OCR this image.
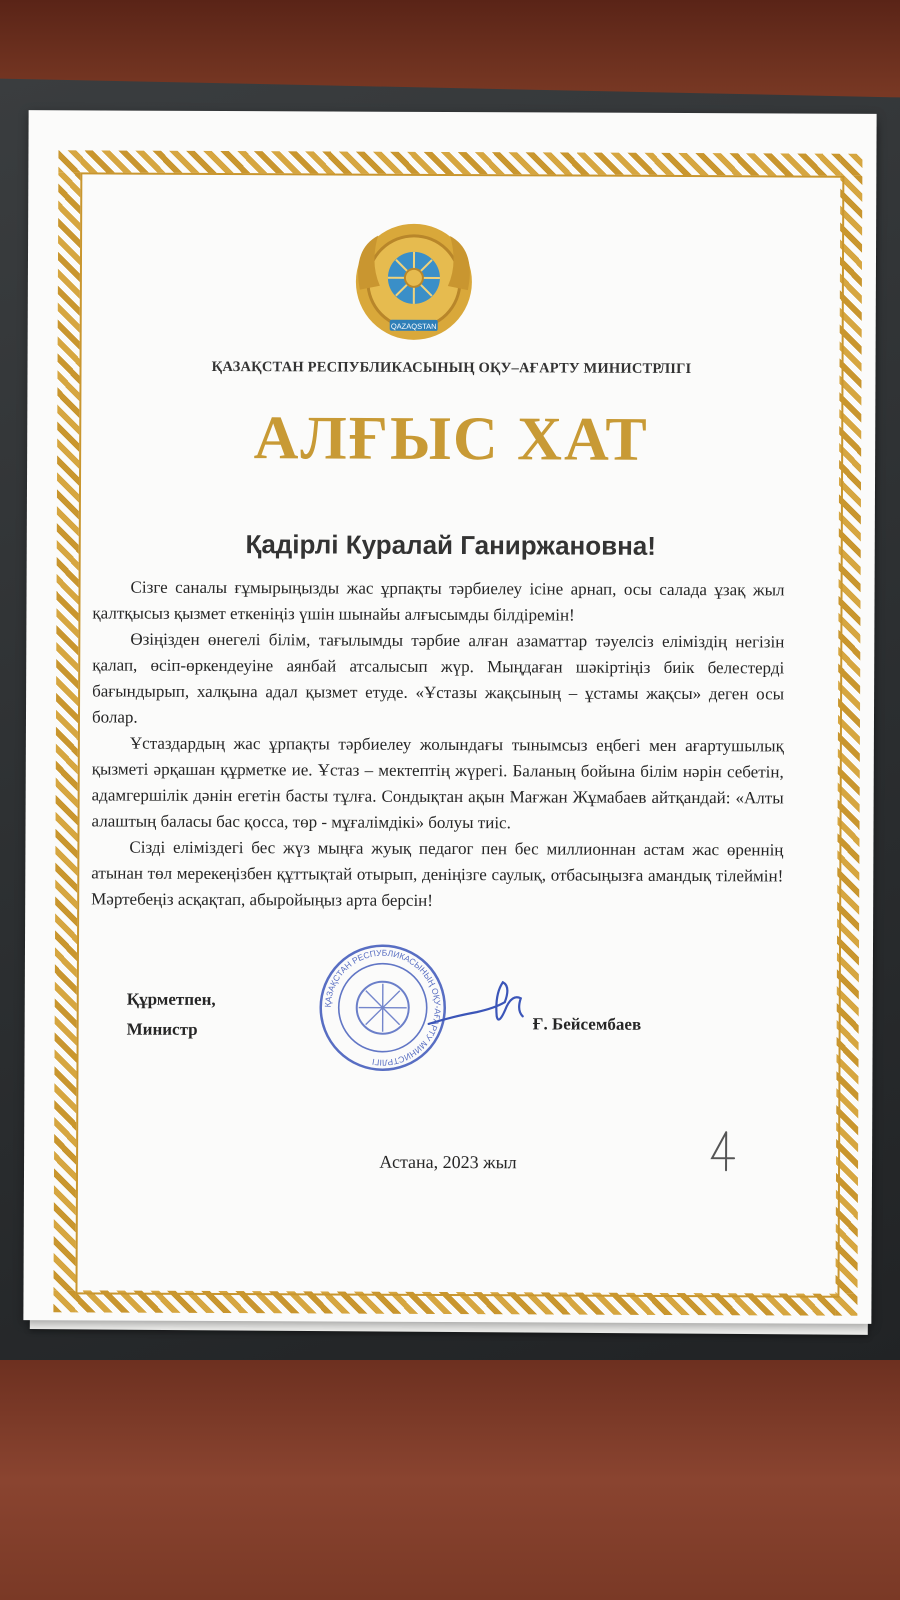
QAZAQSTAN
ҚАЗАҚСТАН РЕСПУБЛИКАСЫНЫҢ ОҚУ–АҒАРТУ МИНИСТРЛІГІ
АЛҒЫС ХАТ
Қадірлі Куралай Ганиржановна!

Сізге саналы ғұмырыңызды жас ұрпақты тәрбиелеу ісіне арнап, осы салада ұзақ жыл қалтқысыз қызмет еткеніңіз үшін шынайы алғысымды білдіремін!

Өзіңізден өнегелі білім, тағылымды тәрбие алған азаматтар тәуелсіз еліміздің негізін қалап, өсіп-өркендеуіне аянбай атсалысып жүр. Мыңдаған шәкіртіңіз биік белестерді бағындырып, халқына адал қызмет етуде. «Ұстазы жақсының – ұстамы жақсы» деген осы болар.

Ұстаздардың жас ұрпақты тәрбиелеу жолындағы тынымсыз еңбегі мен ағартушылық қызметі әрқашан құрметке ие. Ұстаз – мектептің жүрегі. Баланың бойына білім нәрін себетін, адамгершілік дәнін егетін басты тұлға. Сондықтан ақын Мағжан Жұмабаев айтқандай: «Алты алаштың баласы бас қосса, төр - мұғалімдікі» болуы тиіс.

Сізді еліміздегі бес жүз мыңға жуық педагог пен бес миллионнан астам жас өреннің атынан төл мерекеңізбен құттықтай отырып, деніңізге саулық, отбасыңызға амандық тілеймін! Мәртебеңіз асқақтап, абыройыңыз арта берсін!

Құрметпен,
Министр
ҚАЗАҚСТАН РЕСПУБЛИКАСЫНЫҢ ОҚУ-АҒАРТУ МИНИСТРЛІГІ
Ғ. Бейсембаев
Астана, 2023 жыл
